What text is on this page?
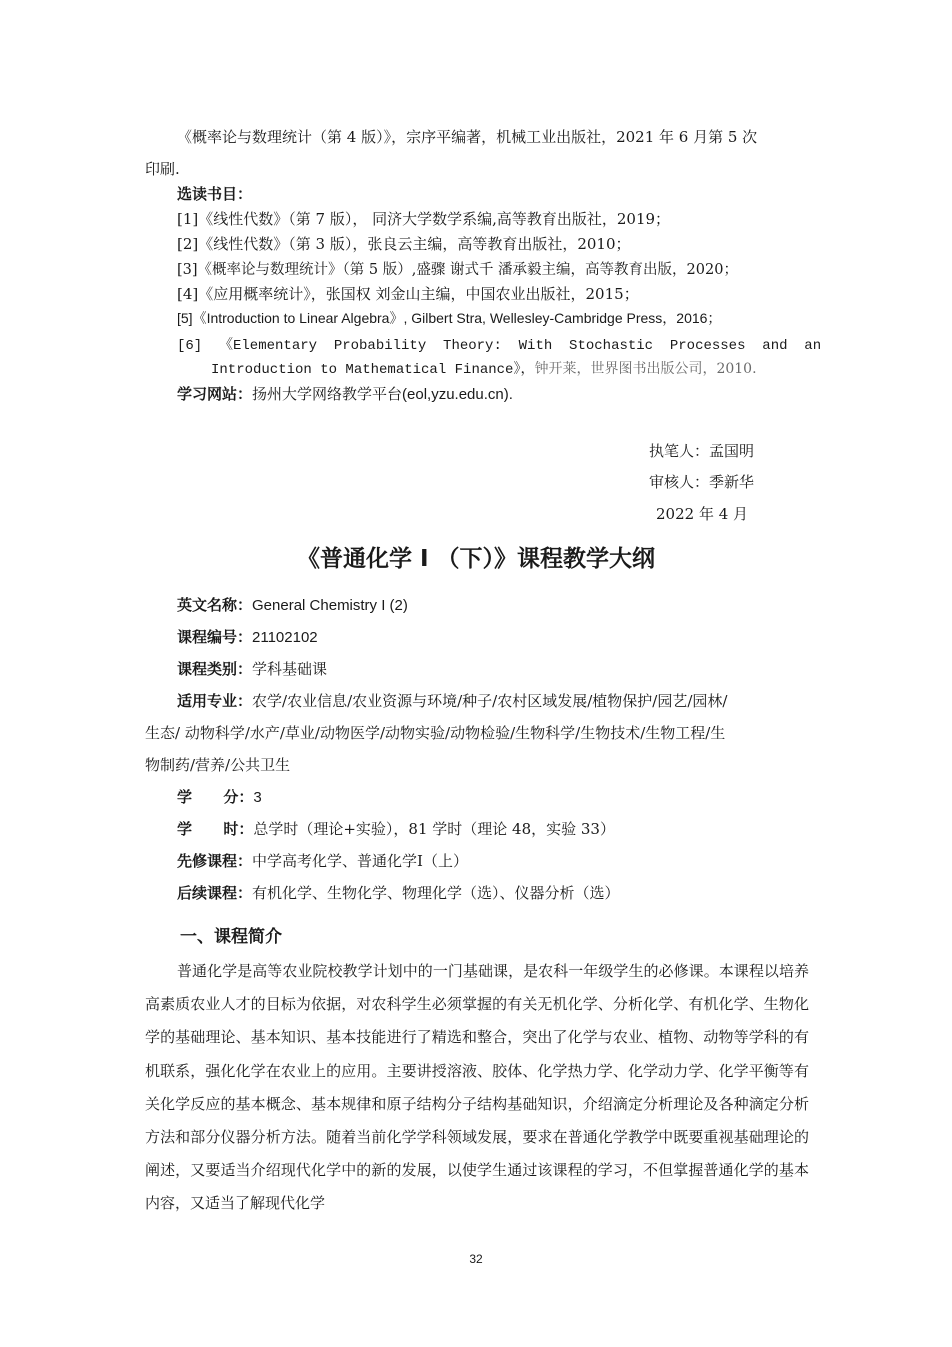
《概率论与数理统计（第 4 版）》，宗序平编著，机械工业出版社，2021 年 6 月第 5 次
印刷.
选读书目：
[1]《线性代数》（第 7 版）， 同济大学数学系编,高等教育出版社，2019；
[2]《线性代数》（第 3 版），张良云主编，高等教育出版社，2010；
[3]《概率论与数理统计》（第 5 版）,盛骤 谢式千 潘承毅主编，高等教育出版，2020；
[4]《应用概率统计》，张国权 刘金山主编，中国农业出版社，2015；
[5]《Introduction to Linear Algebra》, Gilbert Stra, Wellesley-Cambridge Press，2016；
[6]  《Elementary  Probability  Theory:  With  Stochastic  Processes  and  an
Introduction to Mathematical Finance》，钟开莱，世界图书出版公司，2010.
学习网站：扬州大学网络教学平台(eol,yzu.edu.cn).
执笔人：孟国明
审核人：季新华
2022 年 4 月
《普通化学 I （下）》课程教学大纲
英文名称：General Chemistry I (2)
课程编号：21102102
课程类别：学科基础课
适用专业：农学/农业信息/农业资源与环境/种子/农村区域发展/植物保护/园艺/园林/
生态/ 动物科学/水产/草业/动物医学/动物实验/动物检验/生物科学/生物技术/生物工程/生
物制药/营养/公共卫生
学      分：3
学      时：总学时（理论+实验），81 学时（理论 48，实验 33）
先修课程：中学高考化学、普通化学Ⅰ（上）
后续课程：有机化学、生物化学、物理化学（选）、仪器分析（选）
一、课程简介
普通化学是高等农业院校教学计划中的一门基础课，是农科一年级学生的必修课。本课程以培养高素质农业人才的目标为依据，对农科学生必须掌握的有关无机化学、分析化学、有机化学、生物化学的基础理论、基本知识、基本技能进行了精选和整合，突出了化学与农业、植物、动物等学科的有机联系，强化化学在农业上的应用。主要讲授溶液、胶体、化学热力学、化学动力学、化学平衡等有关化学反应的基本概念、基本规律和原子结构分子结构基础知识，介绍滴定分析理论及各种滴定分析方法和部分仪器分析方法。随着当前化学学科领域发展，要求在普通化学教学中既要重视基础理论的阐述，又要适当介绍现代化学中的新的发展，以使学生通过该课程的学习，不但掌握普通化学的基本内容，又适当了解现代化学
32
